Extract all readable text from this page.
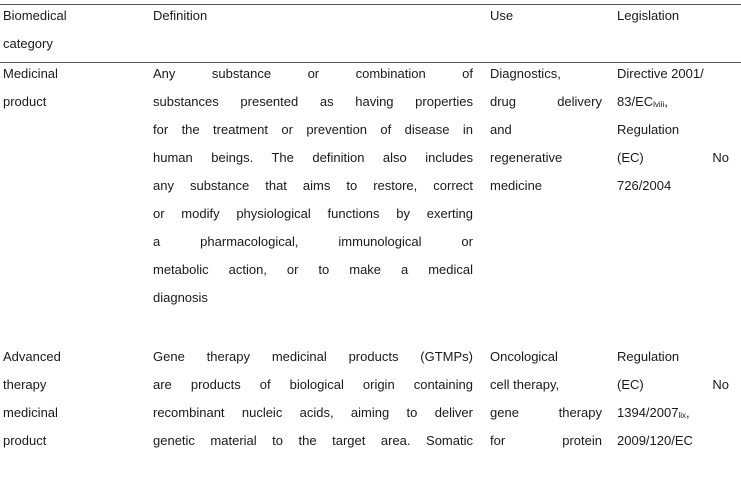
Biomedical
category
Definition	Use	Legislation
Medicinal
product
Any substance or combination of
substances presented as having properties
for the treatment or prevention of disease in
human beings. The definition also includes
any substance that aims to restore, correct
or modify physiological functions by exerting
a pharmacological, immunological or
metabolic action, or to make a medical
diagnosis
Diagnostics,
drug delivery
and
regenerative
medicine
Directive 2001/
$83/EC_{lviii}$,
Regulation
(EC) No
726/2004
Advanced
therapy
medicinal
product
Gene therapy medicinal products (GTMPs)
are products of biological origin containing
recombinant nucleic acids, aiming to deliver
genetic material to the target area. Somatic
Oncological
cell therapy,
gene therapy
for protein
Regulation
(EC) No
$1394/2007_{lix}$,
2009/120/EC
